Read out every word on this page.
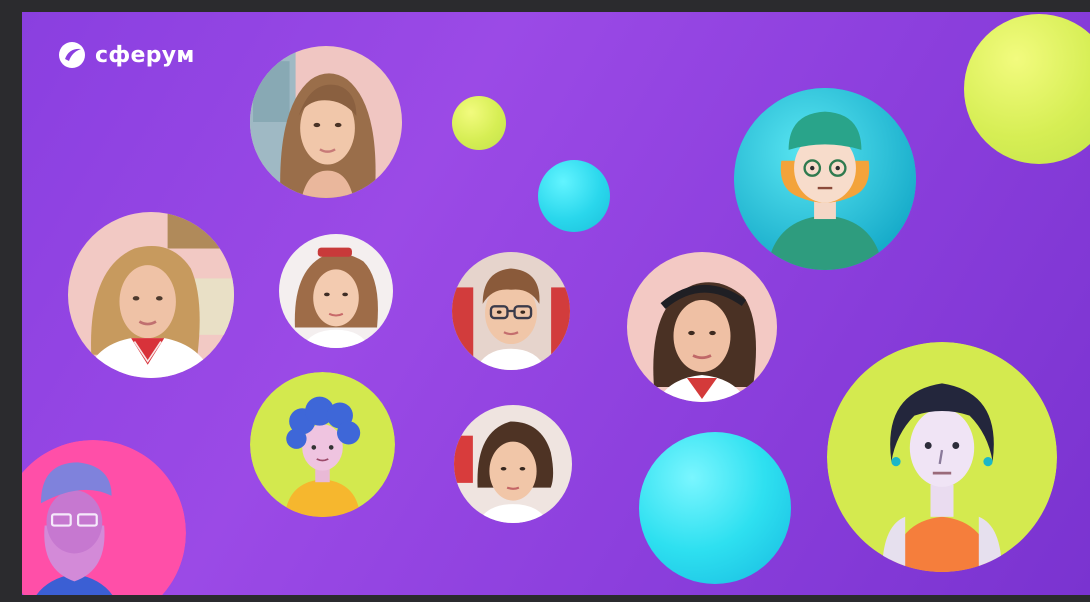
сферум
